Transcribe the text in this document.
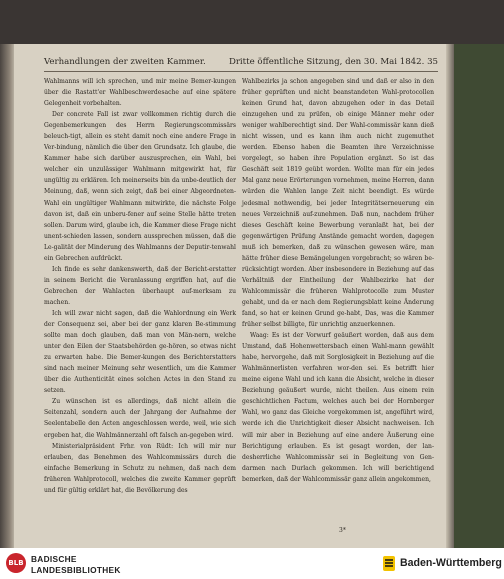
Verhandlungen der zweiten Kammer.	Dritte öffentliche Sitzung, den 30. Mai 1842. 35

Wahlmanns will ich sprechen, und mir meine Bemer-kungen über die Rastatt'er Wahlbeschwerdesache auf eine spätere Gelegenheit vorbehalten.

Der concrete Fall ist zwar vollkommen richtig durch die Gegenbemerkungen des Herrn Regierungscommissärs beleuch-tigt, allein es steht damit noch eine andere Frage in Ver-bindung, nämlich die über den Grundsatz. Ich glaube, die Kammer habe sich darüber auszusprechen, ein Wahl, bei welcher ein unzulässiger Wahlmann mitgewirkt hat, für ungültig zu erklären. Ich meinerseits bin da unbe-deutlich der Meinung, daß, wenn sich zeigt, daß bei einer Abgeordneten-Wahl ein ungültiger Wahlmann mitwirkte, die nächste Folge davon ist, daß ein unberu-fener auf seine Stelle hätte treten sollen. Darum wird, glaube ich, die Kammer diese Frage nicht unent-schieden lassen, sondern aussprechen müssen, daß die Le-galität der Minderung des Wahlmanns der Deputir-tenwahl ein Gebrechen aufdrückt.

Ich finde es sehr dankenswerth, daß der Bericht-erstatter in seinem Bericht die Veranlassung ergriffen hat, auf die Gebrechen der Wahlacten überhaupt auf-merksam zu machen.

Ich will zwar nicht sagen, daß die Wahlordnung ein Werk der Consequenz sei, aber bei der ganz klaren Be-stimmung sollte man doch glauben, daß man von Män-nern, welche unter den Eilen der Staatsbehörden ge-hören, so etwas nicht zu erwarten habe. Die Bemer-kungen des Berichterstatters sind nach meiner Meinung sehr wesentlich, um die Kammer über die Authenticität eines solchen Actes in den Stand zu setzen.

Zu wünschen ist es allerdings, daß nicht allein die Seitenzahl, sondern auch der Jahrgang der Aufnahme der Seelentabelle den Acten angeschlossen werde, weil, wie sich ergeben hat, die Wahlmännerzahl oft falsch an-gegeben wird.

Ministerialpräsident Frhr. von Rüdt: Ich will mir nur erlauben, das Benehmen des Wahlcommissärs durch die einfache Bemerkung in Schutz zu nehmen, daß nach dem früheren Wahlprotocoll, welches die zweite Kammer geprüft und für gültig erklärt hat, die Bevölkerung des

Wahlbezirks ja schon angegeben sind und daß er also in den früher geprüften und nicht beanstandeten Wahl-protocollen keinen Grund hat, davon abzugehen oder in das Detail einzugehen und zu prüfen, ob einige Männer mehr oder weniger wahlberechtigt sind. Der Wahl-commissär kann dieß nicht wissen, und es kann ihm auch nicht zugemuthet werden. Ebenso haben die Beamten ihre Verzeichnisse vorgelegt, so haben ihre Population ergänzt. So ist das Geschäft seit 1819 geübt worden. Wollte man für ein jedes Mal ganz neue Erörterungen vornehmen, meine Herren, dann würden die Wahlen lange Zeit nicht beendigt. Es würde jedesmal nothwendig, bei jeder Integritätserneuerung ein neues Verzeichniß auf-zunehmen. Daß nun, nachdem früher dieses Geschäft keine Bewerbung veranlaßt hat, bei der gegenwärtigen Prüfung Anstände gemacht worden, dagegen muß ich bemerken, daß zu wünschen gewesen wäre, man hätte früher diese Bemängelungen vorgebracht; so wären be-rücksichtigt worden. Aber insbesondere in Beziehung auf das Verhältniß der Eintheilung der Wahlbezirke hat der Wahlcommissär die früheren Wahlprotocolle zum Muster gehabt, und da er nach dem Regierungsblatt keine Änderung fand, so hat er keinen Grund ge-habt, Das, was die Kammer früher selbst billigte, für unrichtig anzuerkennen.

Waag: Es ist der Vorwurf geäußert worden, daß aus dem Umstand, daß Hohenwettersbach einen Wahl-mann gewählt habe, hervorgehe, daß mit Sorglosigkeit in Beziehung auf die Wahlmännerlisten verfahren wor-den sei. Es betrifft hier meine eigene Wahl und ich kann die Absicht, welche in dieser Beziehung geäußert wurde, nicht theilen. Aus einem rein geschichtlichen Factum, welches auch bei der Hornberger Wahl, wo ganz das Gleiche vorgekommen ist, angeführt wird, werde ich die Unrichtigkeit dieser Absicht nachweisen. Ich will mir aber in Beziehung auf eine andere Äußerung eine Berichtigung erlauben. Es ist gesagt worden, der lan-desherrliche Wahlcommissär sei in Begleitung von Gen-darmen nach Durlach gekommen. Ich will berichtigend bemerken, daß der Wahlcommissär ganz allein angekommen,

3*
BLB BADISCHE
LANDESBIBLIOTHEK
Baden-Württemberg
